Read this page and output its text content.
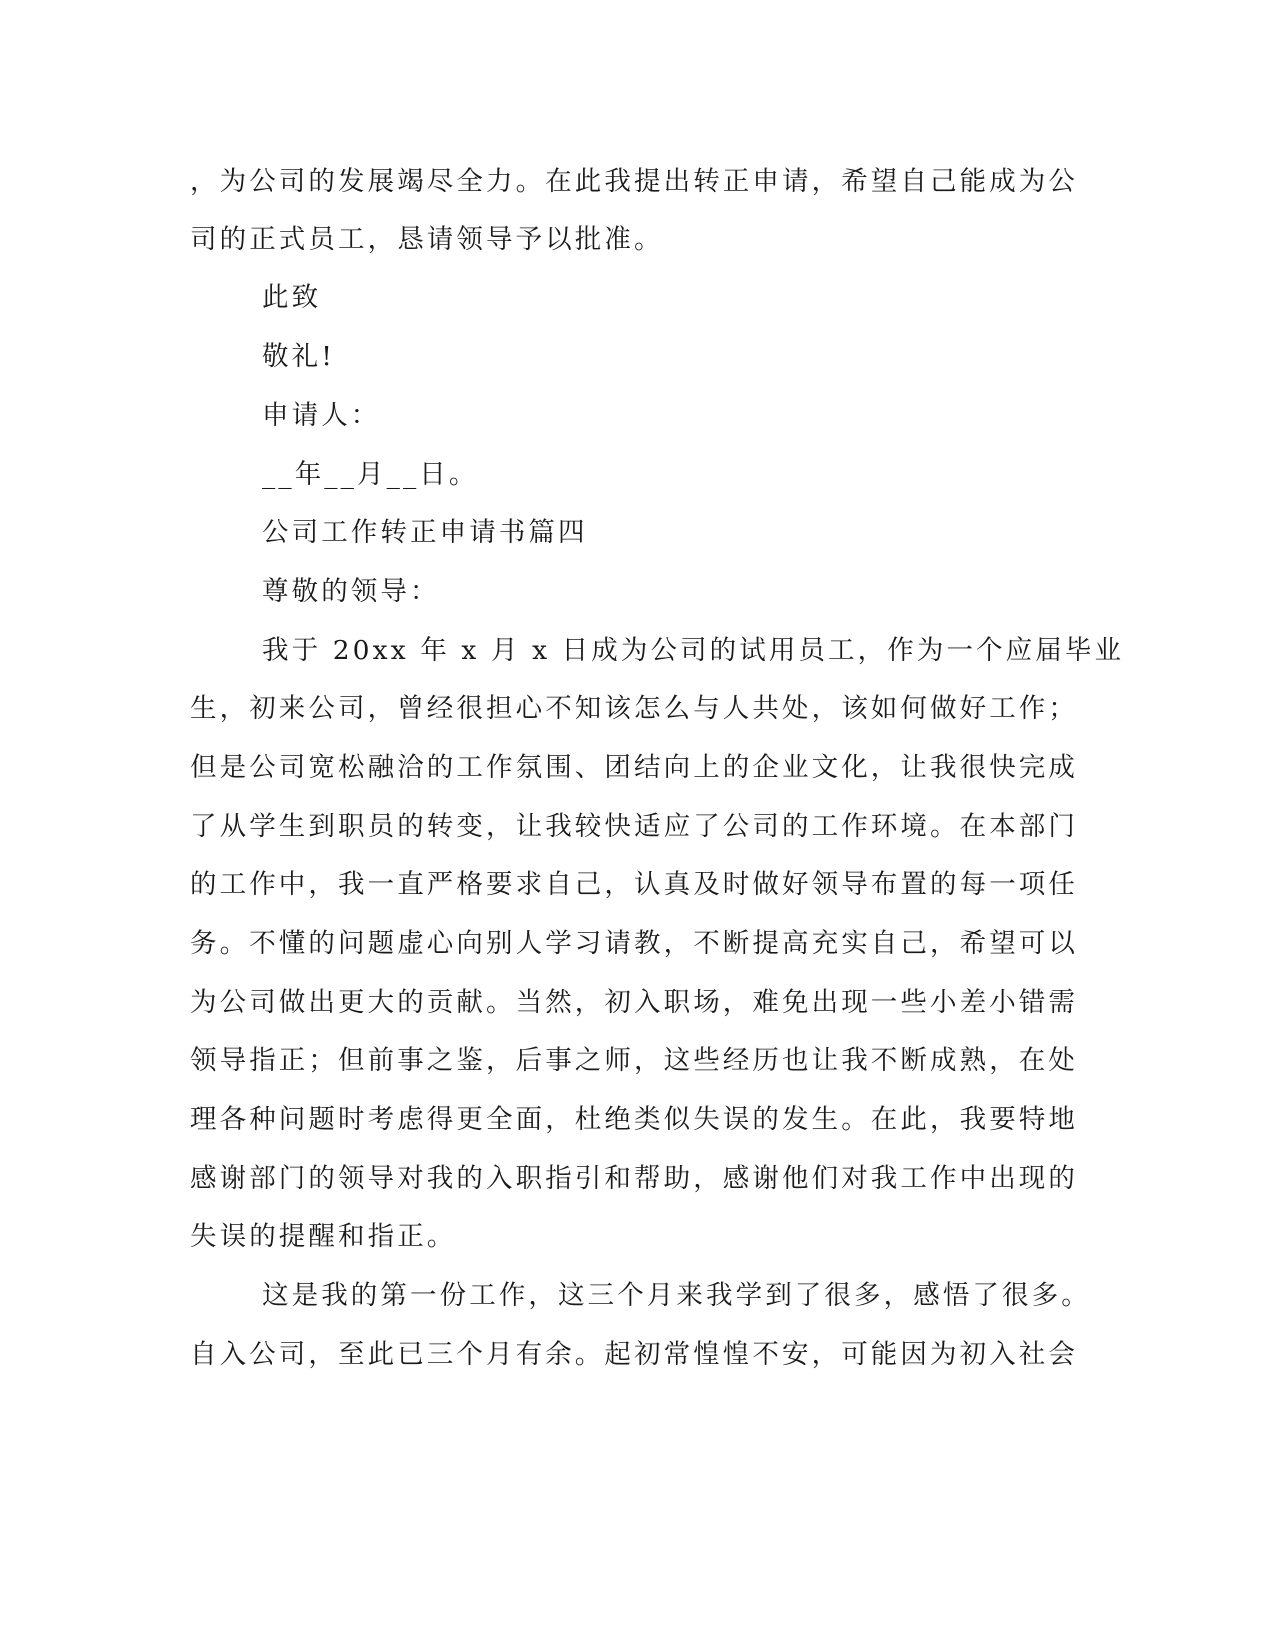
，为公司的发展竭尽全力。在此我提出转正申请，希望自己能成为公
司的正式员工，恳请领导予以批准。
此致
敬礼!
申请人：
__年__月__日。
公司工作转正申请书篇四
尊敬的领导：
我于 20xx 年 x 月 x 日成为公司的试用员工，作为一个应届毕业
生，初来公司，曾经很担心不知该怎么与人共处，该如何做好工作；
但是公司宽松融洽的工作氛围、团结向上的企业文化，让我很快完成
了从学生到职员的转变，让我较快适应了公司的工作环境。在本部门
的工作中，我一直严格要求自己，认真及时做好领导布置的每一项任
务。不懂的问题虚心向别人学习请教，不断提高充实自己，希望可以
为公司做出更大的贡献。当然，初入职场，难免出现一些小差小错需
领导指正；但前事之鉴，后事之师，这些经历也让我不断成熟，在处
理各种问题时考虑得更全面，杜绝类似失误的发生。在此，我要特地
感谢部门的领导对我的入职指引和帮助，感谢他们对我工作中出现的
失误的提醒和指正。
这是我的第一份工作，这三个月来我学到了很多，感悟了很多。
自入公司，至此已三个月有余。起初常惶惶不安，可能因为初入社会
